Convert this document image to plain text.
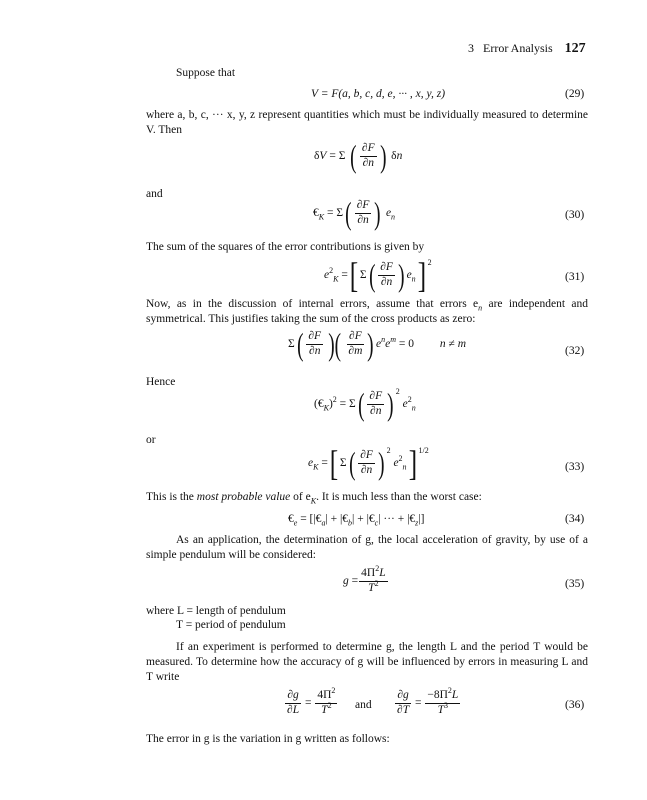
3 Error Analysis 127
Suppose that
V = F(a, b, c, d, e, ··· , x, y, z)	(29)
where a, b, c, ··· x, y, z represent quantities which must be individually measured to determine V. Then
δV = Σ ( $\frac{\partial F}{\partial n}$ ) δn
and
$€_K = \Sigma$ ( $\frac{\partial F}{\partial n}$ ) $e_n$	(30)
The sum of the squares of the error contributions is given by
$e^2_K$ = [ Σ ( $\frac{\partial F}{\partial n}$ ) $e_n$ ]$^2$
(31)
Now, as in the discussion of internal errors, assume that errors $e_n$ are independent and symmetrical. This justifies taking the sum of the cross products as zero:
Σ ( $\frac{\partial F}{\partial n}$ )( $\frac{\partial F}{\partial m}$ ) $e^ne^m = 0$         n ≠ m
(32)
Hence
$(€_K)^2 = \Sigma$ ( $\frac{\partial F}{\partial n}$ ) $^2$
$e^2_n$
or
$e_K$ = [ Σ ( $\frac{\partial F}{\partial n}$ ) $^2$
$e^2_n$ ]$^{1/2}$
(33)
This is the most probable value of $e_K$. It is much less than the worst case:
$€_e$ = [$|€_a|$ + $|€_b|$ + $|€_c|$ ··· + $|€_z|$]	(34)
As an application, the determination of g, the local acceleration of gravity, by use of a simple pendulum will be considered:
$g = \frac{4\Pi^2L}{T^2}$	(35)
where L = length of pendulum
T = period of pendulum
If an experiment is performed to determine g, the length L and the period T would be measured. To determine how the accuracy of g will be influenced by errors in measuring L and T write
$\frac{\partial g}{\partial L} = \frac{4\Pi^2}{T^2}$ and $\frac{\partial g}{\partial T} = \frac{-8\Pi^2L}{T^3}$	(36)
The error in g is the variation in g written as follows:
